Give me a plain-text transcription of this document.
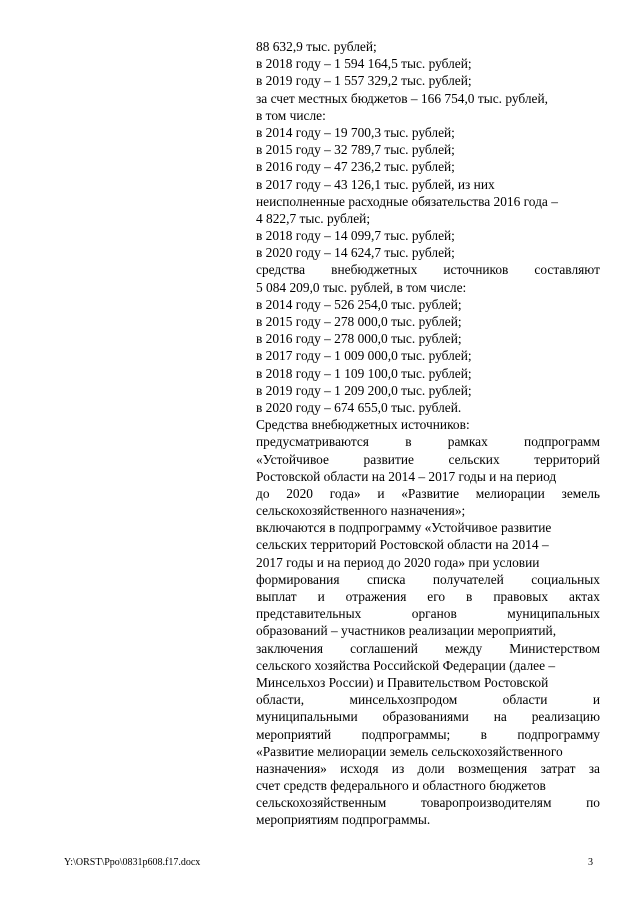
88 632,9 тыс. рублей;
в 2018 году – 1 594 164,5 тыс. рублей;
в 2019 году – 1 557 329,2 тыс. рублей;
за счет местных бюджетов – 166 754,0 тыс. рублей,
в том числе:
в 2014 году – 19 700,3 тыс. рублей;
в 2015 году – 32 789,7 тыс. рублей;
в 2016 году – 47 236,2 тыс. рублей;
в 2017 году – 43 126,1 тыс. рублей, из них
неисполненные расходные обязательства 2016 года –
4 822,7 тыс. рублей;
в 2018 году – 14 099,7 тыс. рублей;
в 2020 году – 14 624,7 тыс. рублей;
средства внебюджетных источников составляют
5 084 209,0 тыс. рублей, в том числе:
в 2014 году – 526 254,0 тыс. рублей;
в 2015 году – 278 000,0 тыс. рублей;
в 2016 году – 278 000,0 тыс. рублей;
в 2017 году – 1 009 000,0 тыс. рублей;
в 2018 году – 1 109 100,0 тыс. рублей;
в 2019 году – 1 209 200,0 тыс. рублей;
в 2020 году – 674 655,0 тыс. рублей.
Средства внебюджетных источников:
предусматриваются	в	рамках	подпрограмм
«Устойчивое	развитие	сельских	территорий
Ростовской области на 2014 – 2017 годы и на период
до 2020 года» и «Развитие мелиорации земель
сельскохозяйственного назначения»;
включаются в подпрограмму «Устойчивое развитие
сельских территорий Ростовской области на 2014 –
2017 годы и на период до 2020 года» при условии
формирования списка получателей социальных
выплат и отражения его в правовых актах
представительных	органов	муниципальных
образований – участников реализации мероприятий,
заключения соглашений между Министерством
сельского хозяйства Российской Федерации (далее –
Минсельхоз России) и Правительством Ростовской
области,	минсельхозпродом	области	и
муниципальными образованиями на реализацию
мероприятий подпрограммы; в подпрограмму
«Развитие мелиорации земель сельскохозяйственного
назначения» исходя из доли возмещения затрат за
счет средств федерального и областного бюджетов
сельскохозяйственным	товаропроизводителям	по
мероприятиям подпрограммы.
Y:\ORST\Ppo\0831p608.f17.docx	3
